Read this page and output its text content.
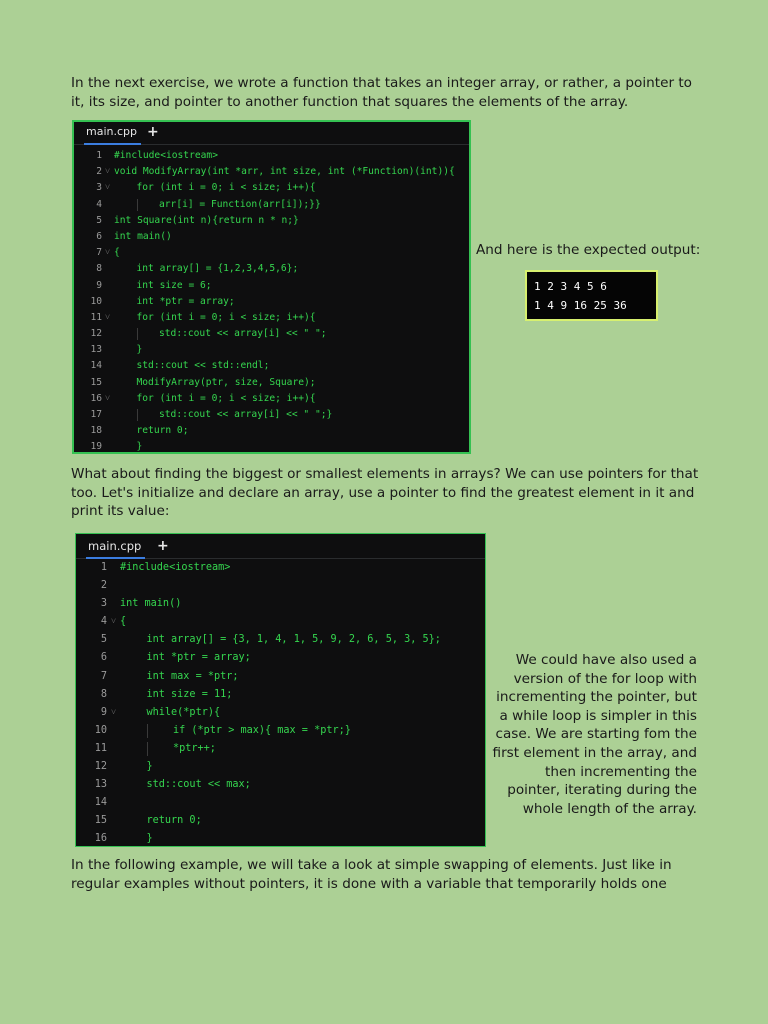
In the next exercise, we wrote a function that takes an integer array, or rather, a pointer to it, its size, and pointer to another function that squares the elements of the array.

main.cpp +
1 #include<iostream>
2 ˅ void ModifyArray(int *arr, int size, int (*Function)(int)){
3 ˅	for (int i = 0; i < size; i++){
4	arr[i] = Function(arr[i]);}}
5 int Square(int n){return n * n;}
6 int main()
7 ˅ {
8	int array[] = {1,2,3,4,5,6};
9	int size = 6;
10	int *ptr = array;
11 ˅	for (int i = 0; i < size; i++){
12	std::cout << array[i] << " ";
13	}
14	std::cout << std::endl;
15	ModifyArray(ptr, size, Square);
16 ˅	for (int i = 0; i < size; i++){
17	std::cout << array[i] << " ";}
18	return 0;
19	}
And here is the expected output:
1 2 3 4 5 6
1 4 9 16 25 36

What about finding the biggest or smallest elements in arrays? We can use pointers for that too. Let's initialize and declare an array, use a pointer to find the greatest element in it and print its value:

main.cpp +
1 #include<iostream>
2
3 int main()
4 ˅ {
5	int array[] = {3, 1, 4, 1, 5, 9, 2, 6, 5, 3, 5};
6	int *ptr = array;
7	int max = *ptr;
8	int size = 11;
9 ˅	while(*ptr){
10	if (*ptr > max){ max = *ptr;}
11	*ptr++;
12	}
13	std::cout << max;
14
15	return 0;
16	}
We could have also used a version of the for loop with incrementing the pointer, but a while loop is simpler in this case. We are starting fom the first element in the array, and then incrementing the pointer, iterating during the whole length of the array.

In the following example, we will take a look at simple swapping of elements. Just like in regular examples without pointers, it is done with a variable that temporarily holds one
